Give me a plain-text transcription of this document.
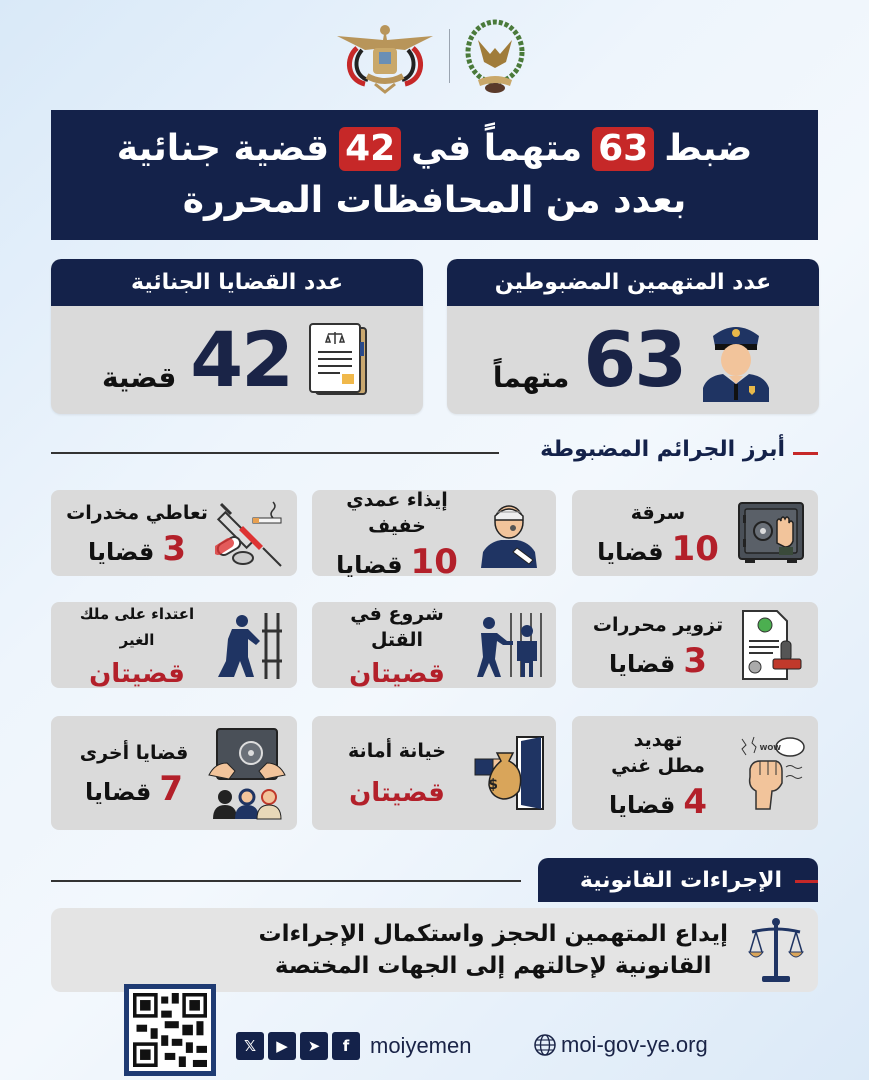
ضبط
63
متهماً في
42
قضية جنائية
بعدد من المحافظات المحررة
عدد المتهمين المضبوطين
63
متهماً
عدد القضايا الجنائية
42
قضية
أبرز الجرائم المضبوطة
سرقة
10
قضايا
إيذاء عمدي خفيف
10
قضايا
تعاطي مخدرات
3
قضايا
تزوير محررات
3
قضايا
شروع في القتل
قضيتان
اعتداء على ملك الغير
قضيتان
WOW
تهديد
مطل غني
4
قضايا
$
خيانة أمانة
قضيتان
قضايا أخرى
7
قضايا
الإجراءات القانونية
إيداع المتهمين الحجز واستكمال الإجراءات
القانونية لإحالتهم إلى الجهات المختصة
𝕏	▶	➤	f moiyemen	moi-gov-ye.org
